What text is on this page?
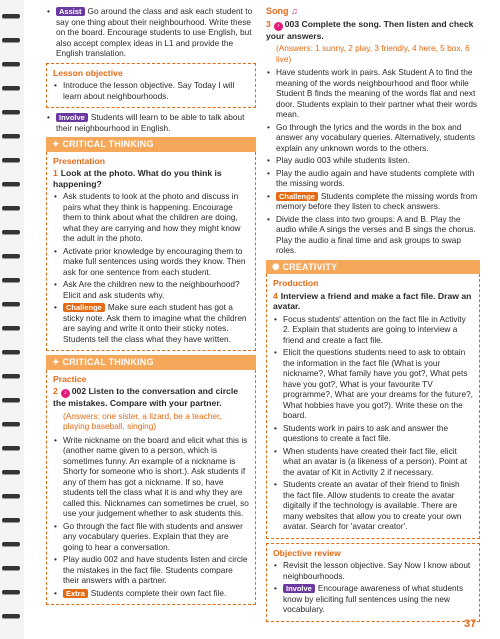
• Assist Go around the class and ask each student to say one thing about their neighbourhood. Write these on the board. Encourage students to use English, but also accept complex ideas in L1 and provide the English translation.
Lesson objective
• Introduce the lesson objective. Say Today I will learn about neighbourhoods.
• Involve Students will learn to be able to talk about their neighbourhood in English.
✦ CRITICAL THINKING
Presentation
1 Look at the photo. What do you think is happening?
• Ask students to look at the photo and discuss in pairs what they think is happening. Encourage them to think about what the children are doing, what they are carrying and how they might know the adult in the photo.
• Activate prior knowledge by encouraging them to make full sentences using words they know. Then ask for one sentence from each student.
• Ask Are the children new to the neighbourhood? Elicit and ask students why.
• Challenge Make sure each student has got a sticky note. Ask them to imagine what the children are saying and write it onto their sticky notes. Students tell the class what they have written.
✦ CRITICAL THINKING
Practice
2 ♪ 002 Listen to the conversation and circle the mistakes. Compare with your partner.
(Answers: one sister, a lizard, be a teacher, playing baseball, singing)
• Write nickname on the board and elicit what this is (another name given to a person, which is sometimes funny. An example of a nickname is Shorty for someone who is short.). Ask students if any of them has got a nickname. If so, have students tell the class what it is and why they are called this. Nicknames can sometimes be cruel, so use your judgement whether to ask students this.
• Go through the fact file with students and answer any vocabulary queries. Explain that they are going to hear a conversation.
• Play audio 002 and have students listen and circle the mistakes in the fact file. Students compare their answers with a partner.
• Extra Students complete their own fact file.
Song ♫
3 ♪ 003 Complete the song. Then listen and check your answers.
(Answers: 1 sunny, 2 play, 3 friendly, 4 here, 5 box, 6 live)
• Have students work in pairs. Ask Student A to find the meaning of the words neighbourhood and floor while Student B finds the meaning of the words flat and next door. Students explain to their partner what their words mean.
• Go through the lyrics and the words in the box and answer any vocabulary queries. Alternatively, students explain any unknown words to the others.
• Play audio 003 while students listen.
• Play the audio again and have students complete with the missing words.
• Challenge Students complete the missing words from memory before they listen to check answers.
• Divide the class into two groups: A and B. Play the audio while A sings the verses and B sings the chorus. Play the audio a final time and ask groups to swap roles.
✺ CREATIVITY
Production
4 Interview a friend and make a fact file. Draw an avatar.
• Focus students' attention on the fact file in Activity 2. Explain that students are going to interview a friend and create a fact file.
• Elicit the questions students need to ask to obtain the information in the fact file (What is your nickname?, What family have you got?, What pets have you got?, What is your favourite TV programme?, What are your dreams for the future?, What hobbies have you got?). Write these on the board.
• Students work in pairs to ask and answer the questions to create a fact file.
• When students have created their fact file, elicit what an avatar is (a likeness of a person). Point at the avatar of Kit in Activity 2 if necessary.
• Students create an avatar of their friend to finish the fact file. Allow students to create the avatar digitally if the technology is available. There are many websites that allow you to create your own avatar. Search for 'avatar creator'.
Objective review
• Revisit the lesson objective. Say Now I know about neighbourhoods.
• Involve Encourage awareness of what students know by eliciting full sentences using the new vocabulary.
37
